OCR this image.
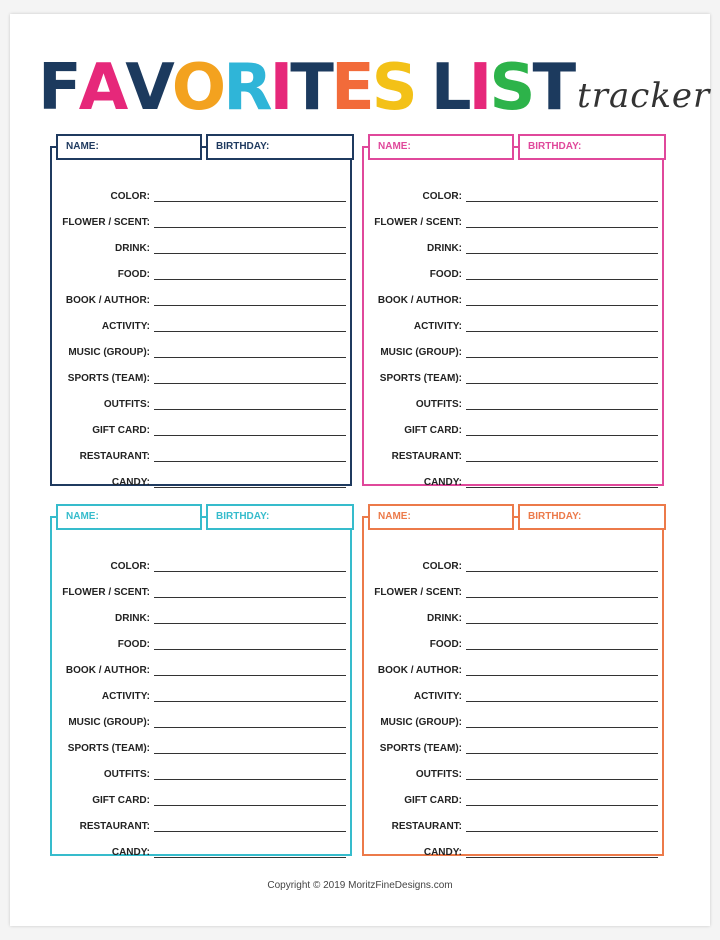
F A V O R I T E S L I S T tracker
NAME:	BIRTHDAY:
COLOR:
FLOWER / SCENT:
DRINK:
FOOD:
BOOK / AUTHOR:
ACTIVITY:
MUSIC (GROUP):
SPORTS (TEAM):
OUTFITS:
GIFT CARD:
RESTAURANT:
CANDY:
NAME:	BIRTHDAY:
COLOR:
FLOWER / SCENT:
DRINK:
FOOD:
BOOK / AUTHOR:
ACTIVITY:
MUSIC (GROUP):
SPORTS (TEAM):
OUTFITS:
GIFT CARD:
RESTAURANT:
CANDY:
NAME:	BIRTHDAY:
COLOR:
FLOWER / SCENT:
DRINK:
FOOD:
BOOK / AUTHOR:
ACTIVITY:
MUSIC (GROUP):
SPORTS (TEAM):
OUTFITS:
GIFT CARD:
RESTAURANT:
CANDY:
NAME:	BIRTHDAY:
COLOR:
FLOWER / SCENT:
DRINK:
FOOD:
BOOK / AUTHOR:
ACTIVITY:
MUSIC (GROUP):
SPORTS (TEAM):
OUTFITS:
GIFT CARD:
RESTAURANT:
CANDY:
Copyright © 2019 MoritzFineDesigns.com
